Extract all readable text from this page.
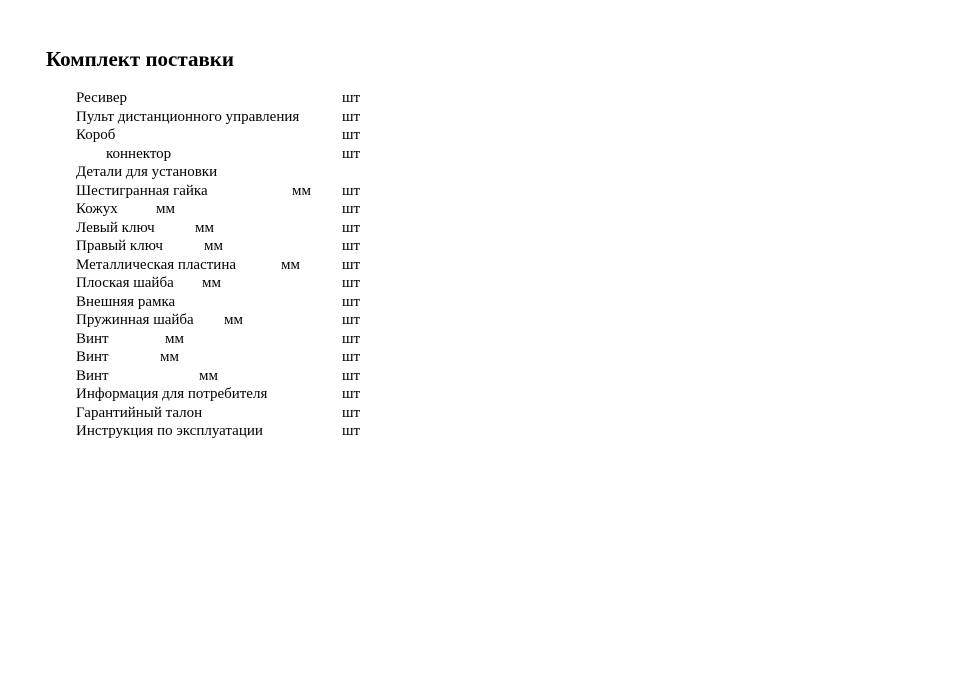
Комплект поставки
Ресивер	шт
Пульт дистанционного управления	шт
Короб	шт
коннектор	шт
Детали для установки
Шестигранная гайка	мм шт
Кожух	мм	шт
Левый ключ	мм	шт
Правый ключ	мм	шт
Металлическая пластина	мм	шт
Плоская шайба мм	шт
Внешняя рамка	шт
Пружинная шайба мм	шт
Винт	мм	шт
Винт	мм	шт
Винт	мм	шт
Информация для потребителя	шт
Гарантийный талон	шт
Инструкция по эксплуатации	шт
